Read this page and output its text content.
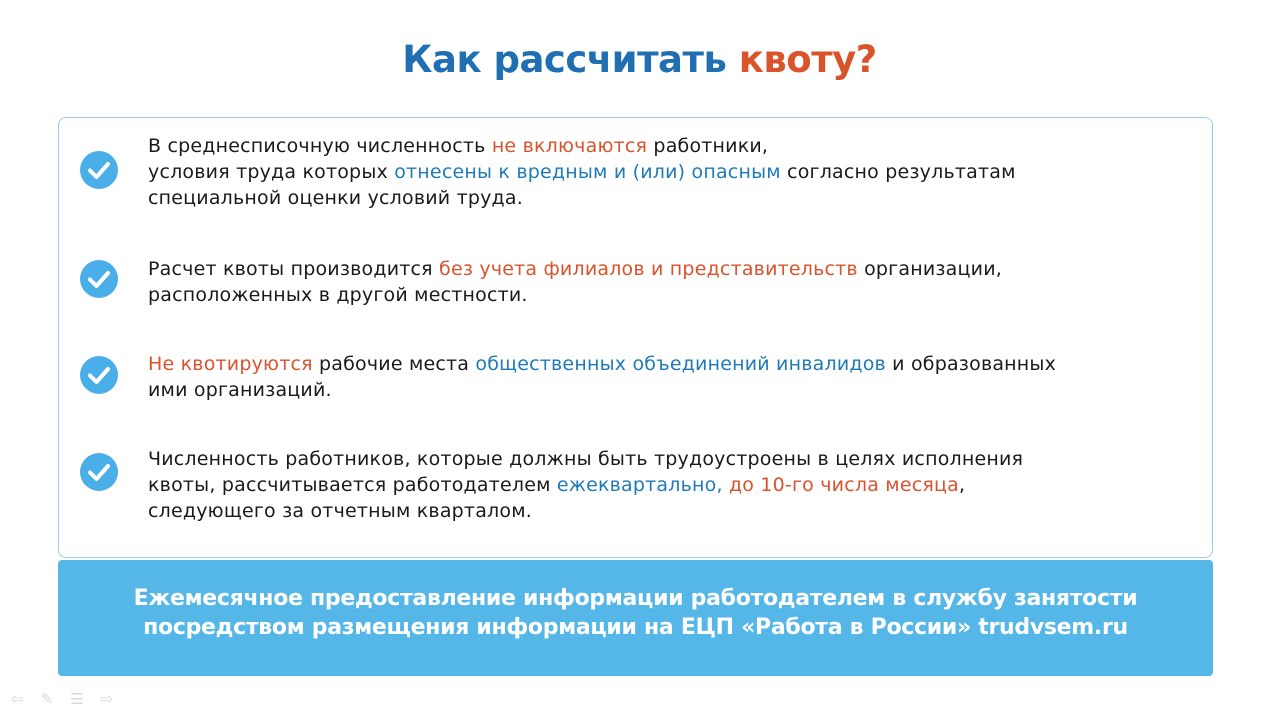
Как рассчитать квоту?
В среднесписочную численность не включаются работники,
условия труда которых отнесены к вредным и (или) опасным согласно результатам
специальной оценки условий труда.
Расчет квоты производится без учета филиалов и представительств организации,
расположенных в другой местности.
Не квотируются рабочие места общественных объединений инвалидов и образованных
ими организаций.
Численность работников, которые должны быть трудоустроены в целях исполнения
квоты, рассчитывается работодателем ежеквартально, до 10-го числа месяца,
следующего за отчетным кварталом.
Ежемесячное предоставление информации работодателем в службу занятости
посредством размещения информации на ЕЦП «Работа в России» trudvsem.ru
⇦ ✎ ☰ ⇨
